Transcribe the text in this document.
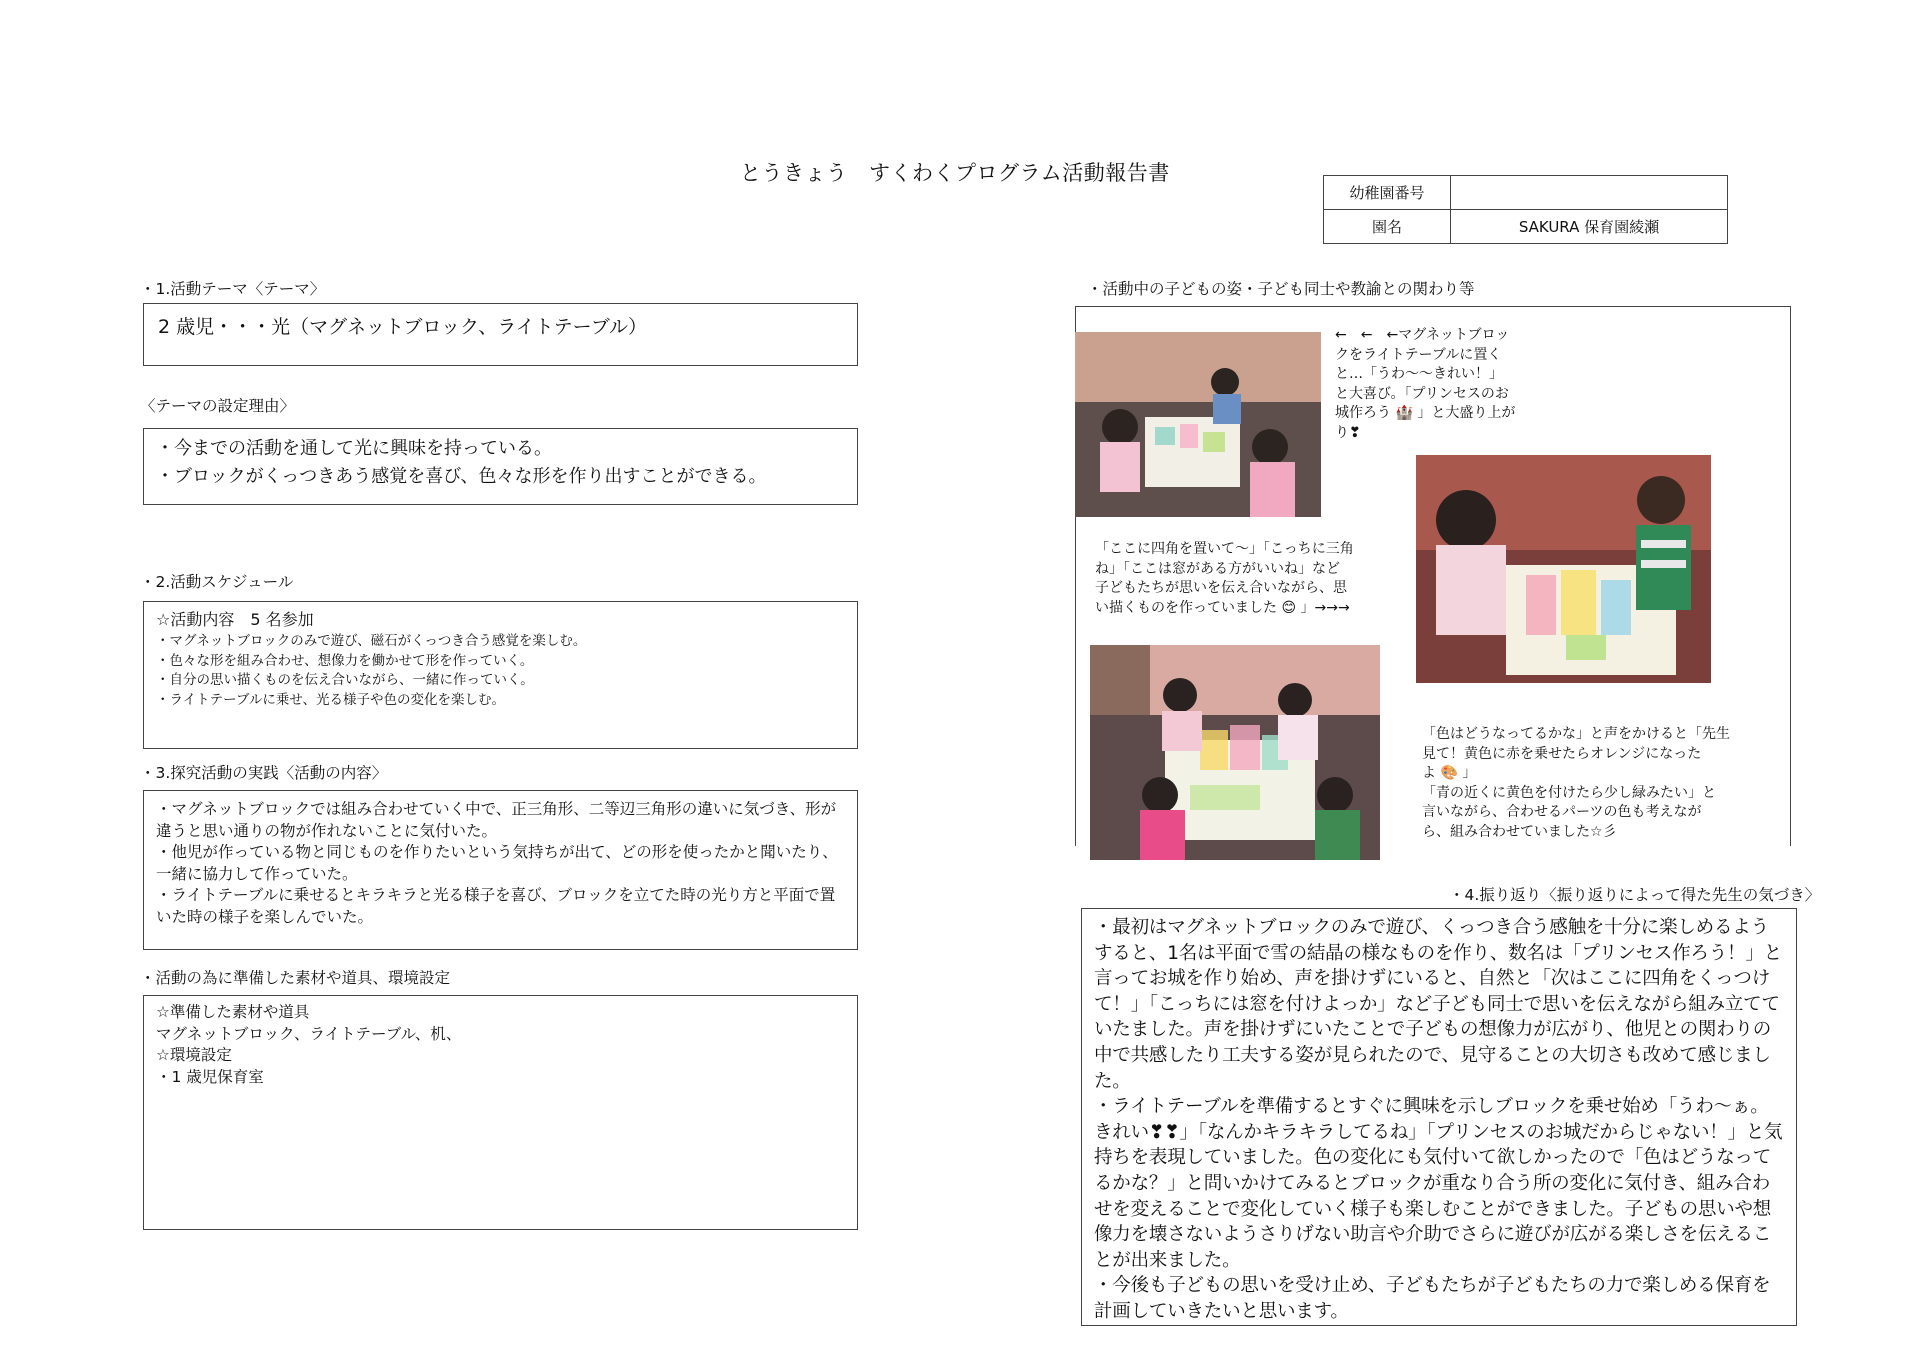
とうきょう　すくわくプログラム活動報告書
幼稚園番号	
園名	SAKURA 保育園綾瀬
・1.活動テーマ〈テーマ〉

2 歳児・・・光（マグネットブロック、ライトテーブル）

〈テーマの設定理由〉

・今までの活動を通して光に興味を持っている。
・ブロックがくっつきあう感覚を喜び、色々な形を作り出すことができる。

・2.活動スケジュール

☆活動内容　5 名参加

・マグネットブロックのみで遊び、磁石がくっつき合う感覚を楽しむ。
・色々な形を組み合わせ、想像力を働かせて形を作っていく。
・自分の思い描くものを伝え合いながら、一緒に作っていく。
・ライトテーブルに乗せ、光る様子や色の変化を楽しむ。
・3.探究活動の実践〈活動の内容〉

・マグネットブロックでは組み合わせていく中で、正三角形、二等辺三角形の違いに気づき、形が違うと思い通りの物が作れないことに気付いた。
・他児が作っている物と同じものを作りたいという気持ちが出て、どの形を使ったかと聞いたり、一緒に協力して作っていた。
・ライトテーブルに乗せるとキラキラと光る様子を喜び、ブロックを立てた時の光り方と平面で置いた時の様子を楽しんでいた。

・活動の為に準備した素材や道具、環境設定

☆準備した素材や道具
マグネットブロック、ライトテーブル、机、
☆環境設定
・1 歳児保育室

・活動中の子どもの姿・子ども同士や教諭との関わり等
←　←　←マグネットブロッ
クをライトテーブルに置く
と…「うわ～～きれい！」
と大喜び。「プリンセスのお
城作ろう 🏰 」と大盛り上が
り❣
「ここに四角を置いて～」「こっちに三角
ね」「ここは窓がある方がいいね」など
子どもたちが思いを伝え合いながら、思
い描くものを作っていました 😊 」→→→
「色はどうなってるかな」と声をかけると「先生
見て！黄色に赤を乗せたらオレンジになった
よ 🎨 」
「青の近くに黄色を付けたら少し緑みたい」と
言いながら、合わせるパーツの色も考えなが
ら、組み合わせていました☆彡
・4.振り返り〈振り返りによって得た先生の気づき〉

・最初はマグネットブロックのみで遊び、くっつき合う感触を十分に楽しめるようすると、1名は平面で雪の結晶の様なものを作り、数名は「プリンセス作ろう！」と言ってお城を作り始め、声を掛けずにいると、自然と「次はここに四角をくっつけて！」「こっちには窓を付けよっか」など子ども同士で思いを伝えながら組み立てていたました。声を掛けずにいたことで子どもの想像力が広がり、他児との関わりの中で共感したり工夫する姿が見られたので、見守ることの大切さも改めて感じました。
・ライトテーブルを準備するとすぐに興味を示しブロックを乗せ始め「うわ～ぁ。きれい❣❣」「なんかキラキラしてるね」「プリンセスのお城だからじゃない！」と気持ちを表現していました。色の変化にも気付いて欲しかったので「色はどうなってるかな？」と問いかけてみるとブロックが重なり合う所の変化に気付き、組み合わせを変えることで変化していく様子も楽しむことができました。子どもの思いや想像力を壊さないようさりげない助言や介助でさらに遊びが広がる楽しさを伝えることが出来ました。
・今後も子どもの思いを受け止め、子どもたちが子どもたちの力で楽しめる保育を計画していきたいと思います。
